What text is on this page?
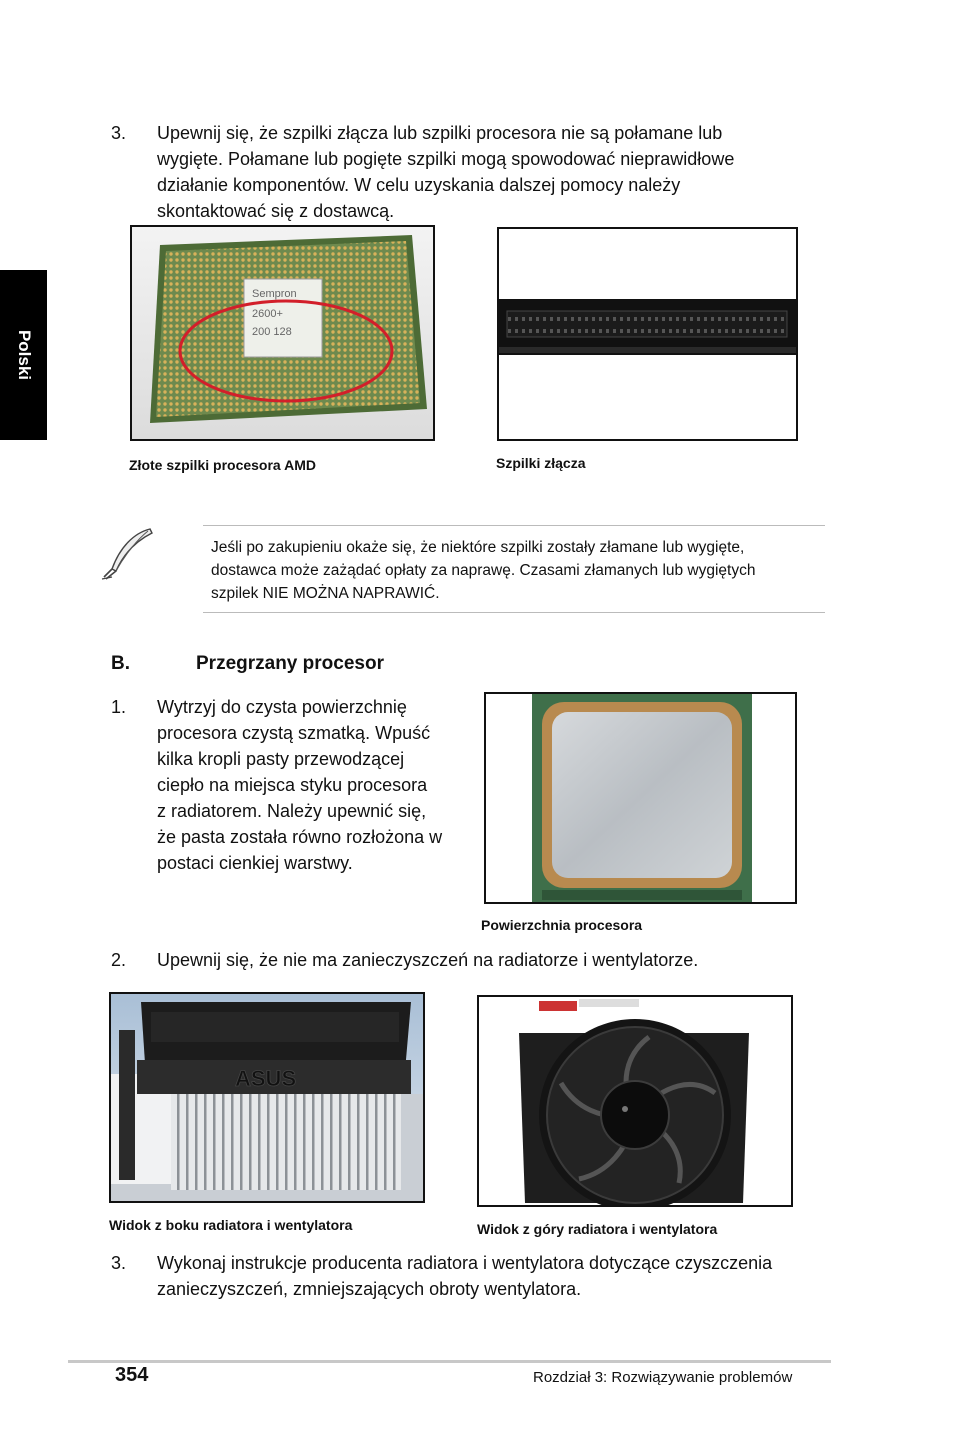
Polski
3. Upewnij się, że szpilki złącza lub szpilki procesora nie są połamane lub
wygięte. Połamane lub pogięte szpilki mogą spowodować nieprawidłowe
działanie komponentów. W celu uzyskania dalszej pomocy należy
skontaktować się z dostawcą.
Sempron
2600+
200 128
Złote szpilki procesora AMD	Szpilki złącza
Jeśli po zakupieniu okaże się, że niektóre szpilki zostały złamane lub wygięte,
dostawca może zażądać opłaty za naprawę. Czasami złamanych lub wygiętych
szpilek NIE MOŻNA NAPRAWIĆ.
B.	Przegrzany procesor
1. Wytrzyj do czysta powierzchnię
procesora czystą szmatką. Wpuść
kilka kropli pasty przewodzącej
ciepło na miejsca styku procesora
z radiatorem. Należy upewnić się,
że pasta została równo rozłożona w
postaci cienkiej warstwy.
Powierzchnia procesora
2. Upewnij się, że nie ma zanieczyszczeń na radiatorze i wentylatorze.
ASUS
Widok z boku radiatora i wentylatora	Widok z góry radiatora i wentylatora
3. Wykonaj instrukcje producenta radiatora i wentylatora dotyczące czyszczenia
zanieczyszczeń, zmniejszających obroty wentylatora.
354	Rozdział 3: Rozwiązywanie problemów
